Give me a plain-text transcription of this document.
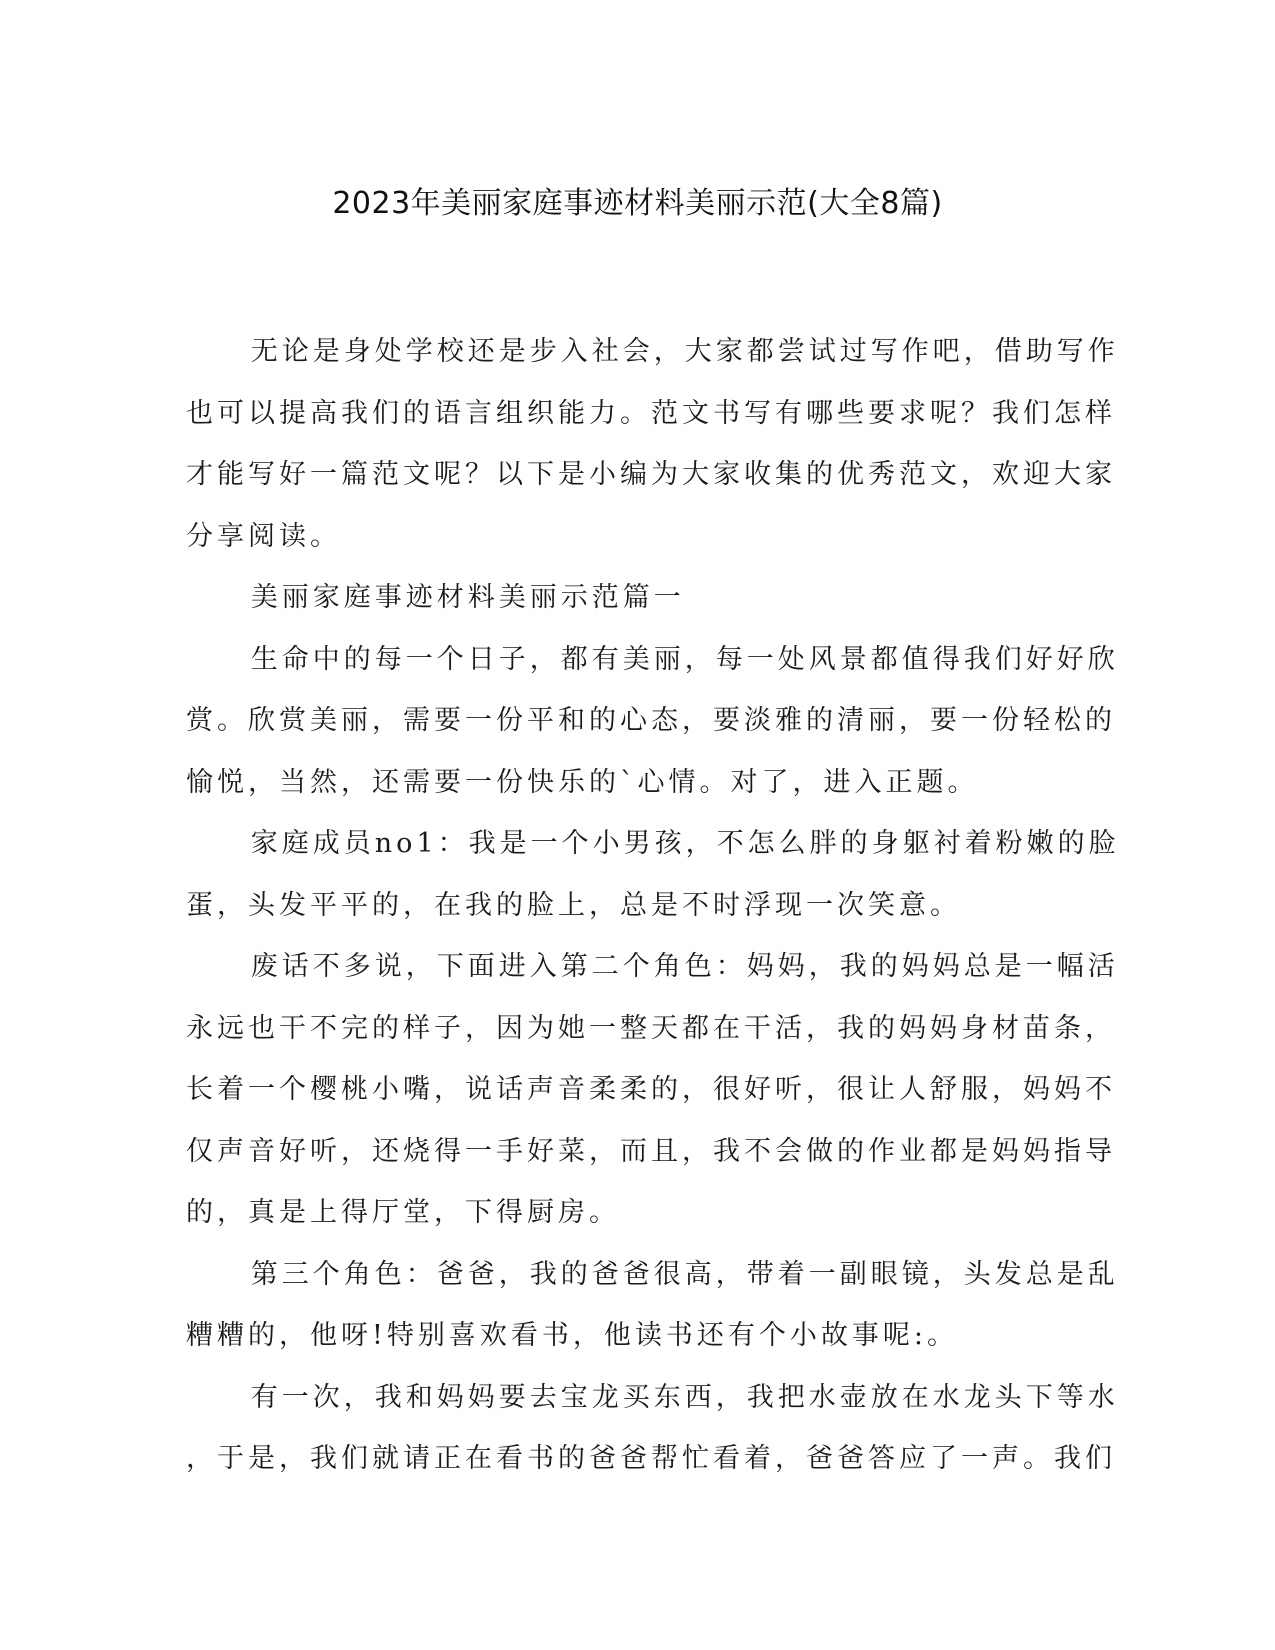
2023年美丽家庭事迹材料美丽示范(大全8篇)

无论是身处学校还是步入社会，大家都尝试过写作吧，借助写作
也可以提高我们的语言组织能力。范文书写有哪些要求呢？我们怎样
才能写好一篇范文呢？以下是小编为大家收集的优秀范文，欢迎大家
分享阅读。

美丽家庭事迹材料美丽示范篇一

生命中的每一个日子，都有美丽，每一处风景都值得我们好好欣
赏。欣赏美丽，需要一份平和的心态，要淡雅的清丽，要一份轻松的
愉悦，当然，还需要一份快乐的`心情。对了，进入正题。

家庭成员no1：我是一个小男孩，不怎么胖的身躯衬着粉嫩的脸
蛋，头发平平的，在我的脸上，总是不时浮现一次笑意。

废话不多说，下面进入第二个角色：妈妈，我的妈妈总是一幅活
永远也干不完的样子，因为她一整天都在干活，我的妈妈身材苗条，
长着一个樱桃小嘴，说话声音柔柔的，很好听，很让人舒服，妈妈不
仅声音好听，还烧得一手好菜，而且，我不会做的作业都是妈妈指导
的，真是上得厅堂，下得厨房。

第三个角色：爸爸，我的爸爸很高，带着一副眼镜，头发总是乱
糟糟的，他呀!特别喜欢看书，他读书还有个小故事呢:。

有一次，我和妈妈要去宝龙买东西，我把水壶放在水龙头下等水
，于是，我们就请正在看书的爸爸帮忙看着，爸爸答应了一声。我们
